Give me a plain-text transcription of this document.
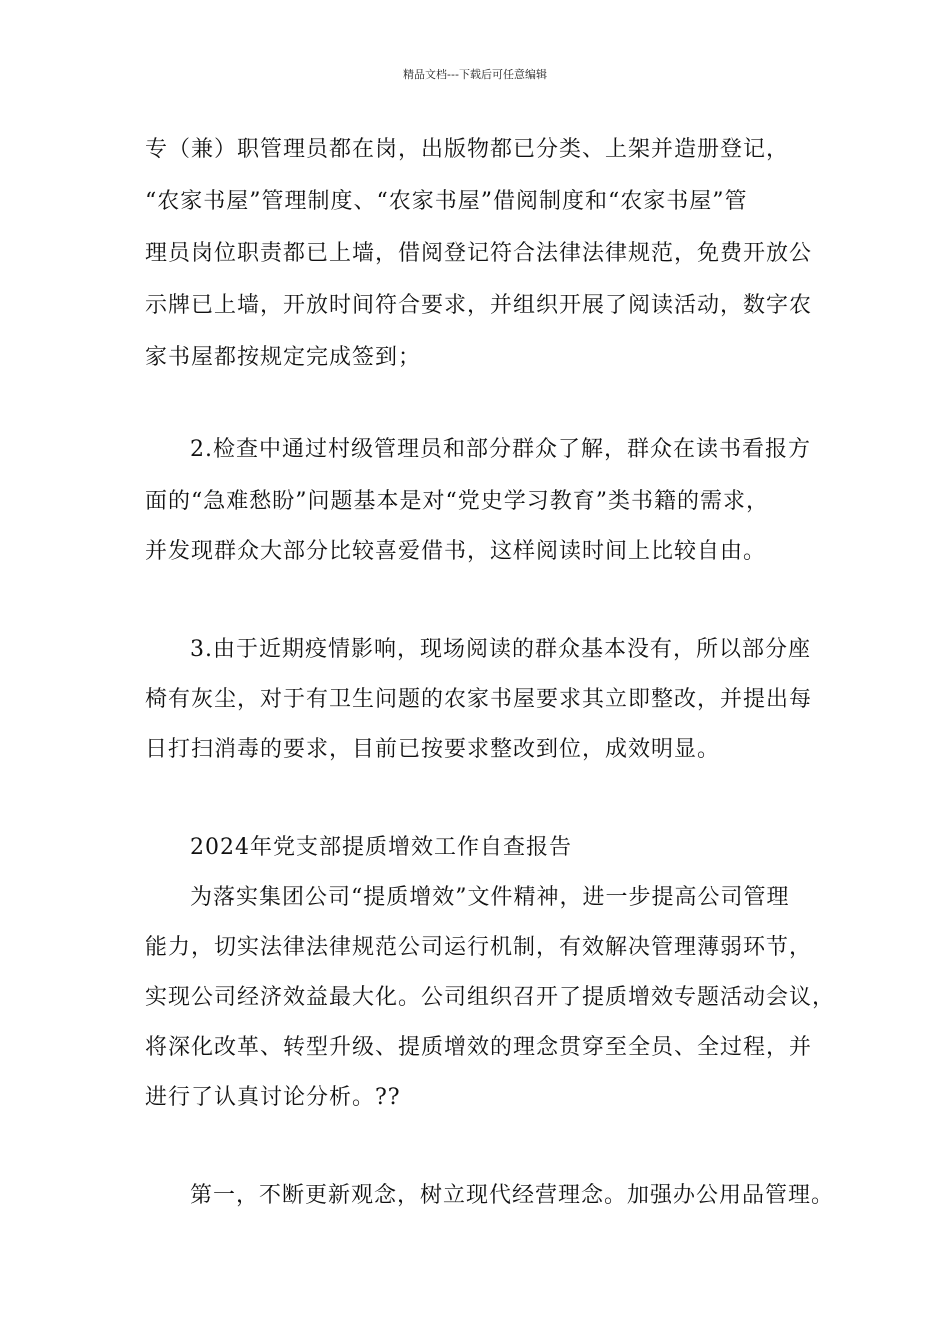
精品文档---下载后可任意编辑
专（兼）职管理员都在岗，出版物都已分类、上架并造册登记，
“农家书屋”管理制度、“农家书屋”借阅制度和“农家书屋”管
理员岗位职责都已上墙，借阅登记符合法律法律规范，免费开放公
示牌已上墙，开放时间符合要求，并组织开展了阅读活动，数字农
家书屋都按规定完成签到；
2.检查中通过村级管理员和部分群众了解，群众在读书看报方
面的“急难愁盼”问题基本是对“党史学习教育”类书籍的需求，
并发现群众大部分比较喜爱借书，这样阅读时间上比较自由。
3.由于近期疫情影响，现场阅读的群众基本没有，所以部分座
椅有灰尘，对于有卫生问题的农家书屋要求其立即整改，并提出每
日打扫消毒的要求，目前已按要求整改到位，成效明显。
2024年党支部提质增效工作自查报告
为落实集团公司“提质增效”文件精神，进一步提高公司管理
能力，切实法律法律规范公司运行机制，有效解决管理薄弱环节，
实现公司经济效益最大化。公司组织召开了提质增效专题活动会议，
将深化改革、转型升级、提质增效的理念贯穿至全员、全过程，并
进行了认真讨论分析。??
第一，不断更新观念，树立现代经营理念。加强办公用品管理。
